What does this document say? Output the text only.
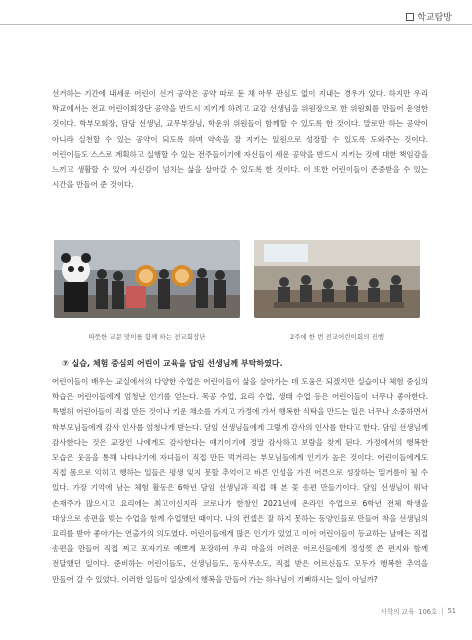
학교탐방

선거하는 기간에 내세운 어린이 선거 공약은 공약 따로 둔 채 아무 관심도 없이 지내는 경우가 있다. 하지만 우리 학교에서는 전교 어린이회장단 공약을 반드시 지키게 하려고 교감 선생님을 위원장으로 한 위원회를 만들어 운영한 것이다. 학부모회장, 담당 선생님, 교무부장님, 학운위 위원들이 함께할 수 있도록 한 것이다. 말로만 하는 공약이 아니라 실천할 수 있는 공약이 되도록 하며 약속을 잘 지키는 일원으로 성장할 수 있도록 도와주는 것이다. 어린이들도 스스로 계획하고 실행할 수 있는 전주들이기에 자신들이 세운 공약을 반드시 지키는 것에 대한 책임감을 느끼고 생활할 수 있어 자신감이 넘치는 삶을 살아갈 수 있도록 한 것이다. 이 또한 어린이들이 존중받을 수 있는 시간을 만들어 준 것이다.

따뜻한 교문 맞이를 함께 하는 전교회장단	2주에 한 번 전교어린이회의 진행
⑦ 실습, 체험 중심의 어린이 교육을 답임 선생님께 부탁하였다.

어린이들이 배우는 교실에서의 다양한 수업은 어린이들이 삶을 살아가는 데 도움은 되겠지만 실습이나 체험 중심의 학습은 어린이들에게 엄청난 인기를 얻는다. 목공 수업, 요리 수업, 생태 수업 등은 어린이들이 너무나 좋아한다. 특별히 어린이들이 직접 만든 것이나 키운 채소를 가지고 가정에 가서 행복한 식탁을 만드는 일은 너무나 소중하면서 학부모님들에게 감사 인사를 엄청나게 받는다. 담임 선생님들에게 그렇게 감사의 인사를 한다고 한다. 담임 선생님께 감사한다는 것은 교장인 나에게도 감사한다는 얘기이기에 정말 감사하고 보람을 찾게 된다. 가정에서의 행복한 모습은 웃음을 통해 나타나기에 자녀들이 직접 만든 먹거리는 부모님들에게 인기가 높은 것이다. 어린이들에게도 직접 몸으로 익히고 행하는 일들은 평생 잊지 못할 추억이고 바른 인성을 가진 어른으로 성장하는 밑거름이 될 수 있다. 가장 기억에 남는 체험 활동은 6학년 담임 선생님과 직접 해 본 꽃 송편 만들기이다. 담임 선생님이 워낙 손재주가 많으시고 요리에는 최고이신지라 코로나가 한창인 2021년에 온라인 수업으로 6학년 전체 학생을 대상으로 송편을 빚는 수업을 함께 수업했던 때이다. 나의 컨셉은 잘 하지 못하는 동양인들로 만들어 착을 선생님의 요리를 받아 좋아가는 연출가의 의도였다. 어린이들에게 많은 인기가 있었고 이어 어린이들이 등교하는 날에는 직접 송편을 만들어 직접 찌고 포자기로 예쁘게 포장하여 우리 마을의 어려운 어르신들에게 정성껏 쓴 편지와 함께 전달했던 일이다. 준비하는 어린이들도, 선생님들도, 동사무소도, 직접 받은 어르신들도 모두가 행복한 추억을 만들어 갈 수 있었다. 이러한 일들이 일상에서 행복을 만들어 가는 하나님이 기뻐하시는 일이 아닐까?

사학의 교육 106호 | 51
